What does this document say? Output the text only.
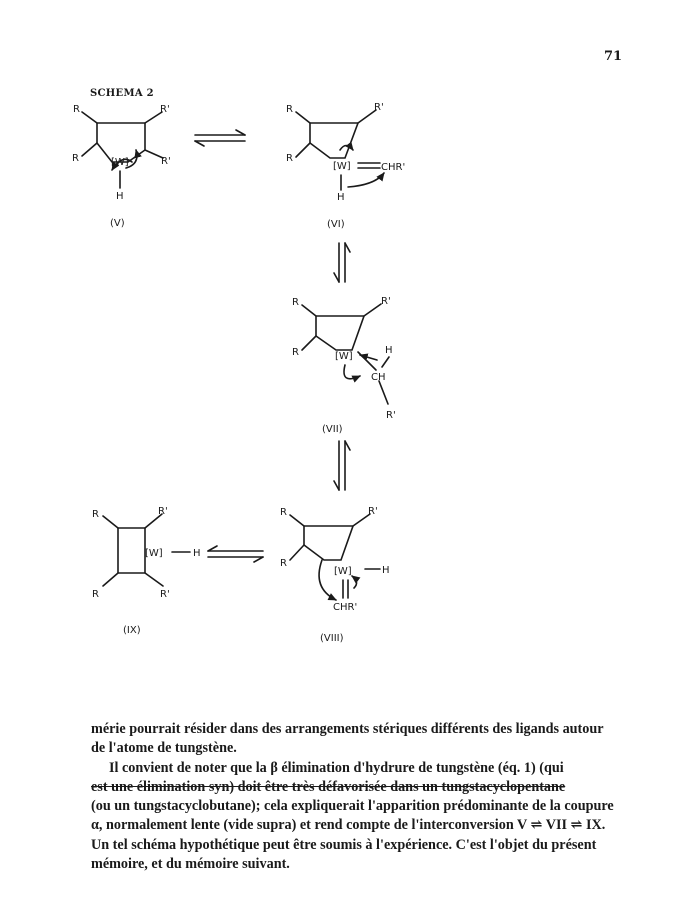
71
SCHEMA 2
R	R'
R	R'
[W]
H
(V)
R	R'
R
[W]	CHR'
H
(VI)
R	R'
R	[W]
H
CH
R'
(VII)
R	R'
R
[W]	H
CHR'
(VIII)
R	R'
R	R'
[W]	H
(IX)

mérie pourrait résider dans des arrangements stériques différents des ligands autour de l'atome de tungstène.

Il convient de noter que la β élimination d'hydrure de tungstène (éq. 1) (qui

est une élimination syn) doit être très défavorisée dans un tungstacyclopentane

(ou un tungstacyclobutane); cela expliquerait l'apparition prédominante de la coupure α, normalement lente (vide supra) et rend compte de l'interconversion V ⇌ VII ⇌ IX. Un tel schéma hypothétique peut être soumis à l'expérience. C'est l'objet du présent mémoire, et du mémoire suivant.
